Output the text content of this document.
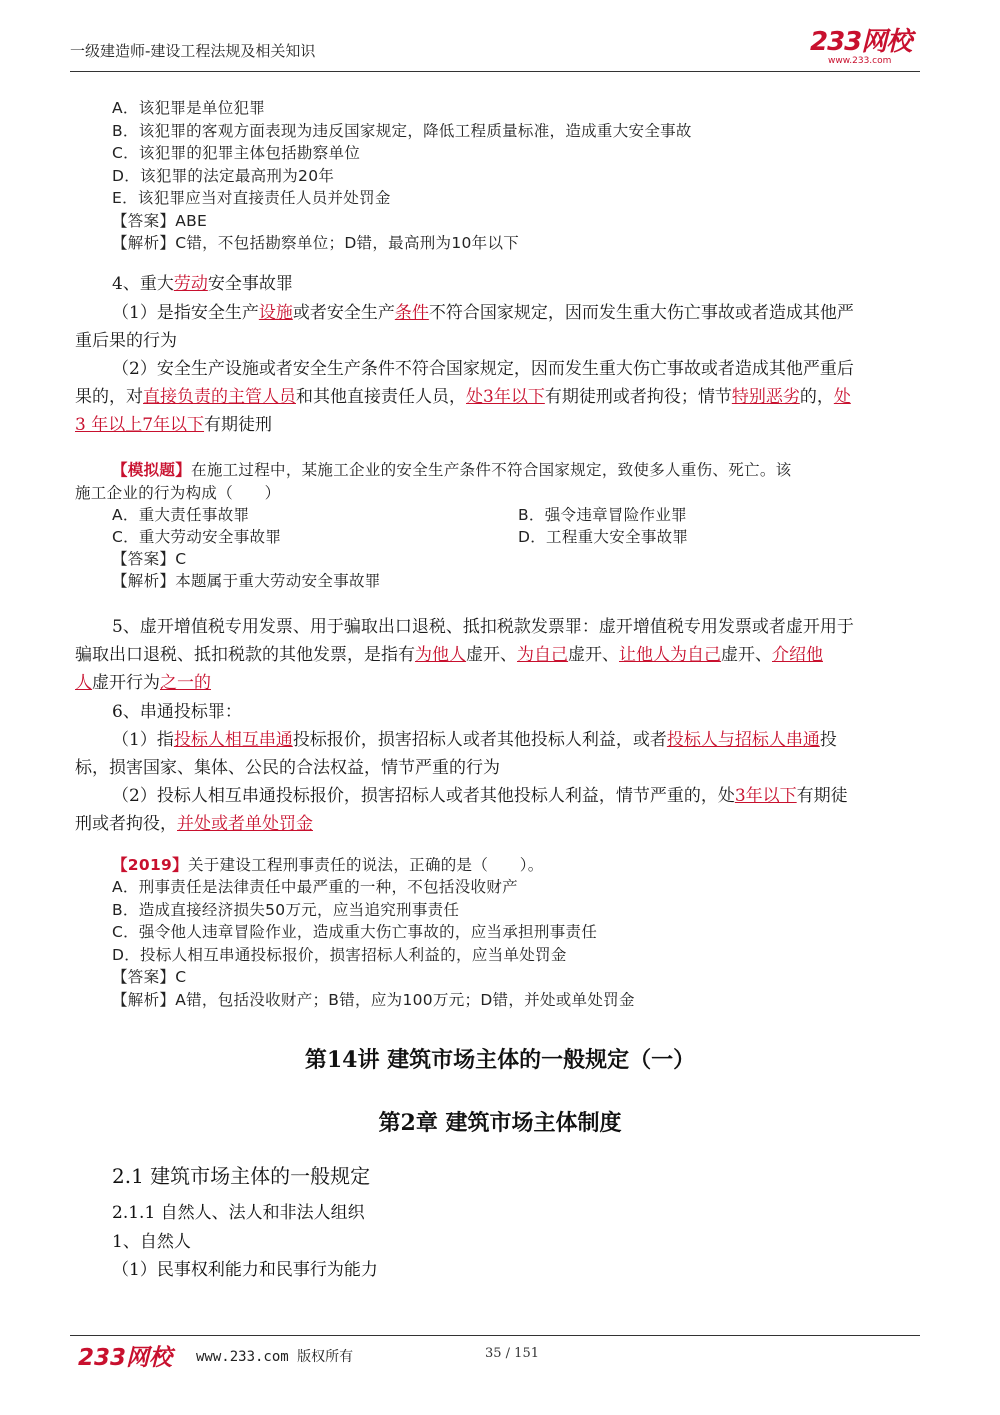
一级建造师-建设工程法规及相关知识	233网校
www.233.com
A．该犯罪是单位犯罪
B．该犯罪的客观方面表现为违反国家规定，降低工程质量标准，造成重大安全事故
C．该犯罪的犯罪主体包括勘察单位
D．该犯罪的法定最高刑为20年
E．该犯罪应当对直接责任人员并处罚金
【答案】ABE
【解析】C错，不包括勘察单位；D错，最高刑为10年以下
4、重大劳动安全事故罪
（1）是指安全生产设施或者安全生产条件不符合国家规定，因而发生重大伤亡事故或者造成其他严
重后果的行为
（2）安全生产设施或者安全生产条件不符合国家规定，因而发生重大伤亡事故或者造成其他严重后
果的，对直接负责的主管人员和其他直接责任人员，处3年以下有期徒刑或者拘役；情节特别恶劣的，处
3 年以上7年以下有期徒刑
【模拟题】在施工过程中，某施工企业的安全生产条件不符合国家规定，致使多人重伤、死亡。该
施工企业的行为构成（　　）
A．重大责任事故罪	B．强令违章冒险作业罪
C．重大劳动安全事故罪	D．工程重大安全事故罪
【答案】C
【解析】本题属于重大劳动安全事故罪
5、虚开增值税专用发票、用于骗取出口退税、抵扣税款发票罪：虚开增值税专用发票或者虚开用于
骗取出口退税、抵扣税款的其他发票，是指有为他人虚开、为自己虚开、让他人为自己虚开、介绍他
人虚开行为之一的
6、串通投标罪：
（1）指投标人相互串通投标报价，损害招标人或者其他投标人利益，或者投标人与招标人串通投
标，损害国家、集体、公民的合法权益，情节严重的行为
（2）投标人相互串通投标报价，损害招标人或者其他投标人利益，情节严重的，处3年以下有期徒
刑或者拘役，并处或者单处罚金
【2019】关于建设工程刑事责任的说法，正确的是（　　）。
A．刑事责任是法律责任中最严重的一种，不包括没收财产
B．造成直接经济损失50万元，应当追究刑事责任
C．强令他人违章冒险作业，造成重大伤亡事故的，应当承担刑事责任
D．投标人相互串通投标报价，损害招标人利益的，应当单处罚金
【答案】C
【解析】A错，包括没收财产；B错，应为100万元；D错，并处或单处罚金
第14讲 建筑市场主体的一般规定（一）
第2章 建筑市场主体制度
2.1 建筑市场主体的一般规定
2.1.1 自然人、法人和非法人组织
1、自然人
（1）民事权利能力和民事行为能力
233网校 www.233.com 版权所有	35 / 151
